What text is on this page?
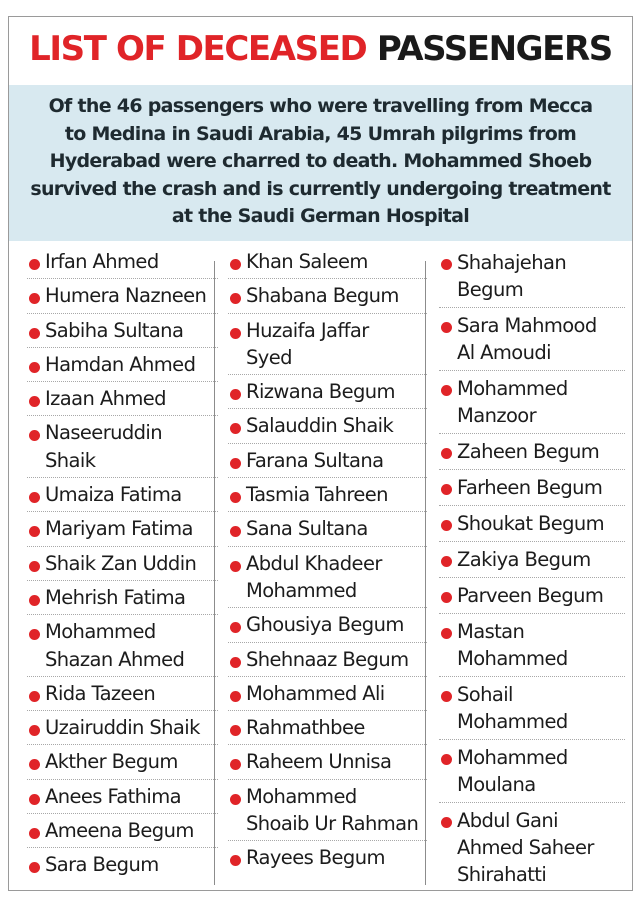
LIST OF DECEASED PASSENGERS
Of the 46 passengers who were travelling from Mecca
to Medina in Saudi Arabia, 45 Umrah pilgrims from
Hyderabad were charred to death. Mohammed Shoeb
survived the crash and is currently undergoing treatment
at the Saudi German Hospital
Irfan Ahmed
Humera Nazneen
Sabiha Sultana
Hamdan Ahmed
Izaan Ahmed
Naseeruddin
Shaik
Umaiza Fatima
Mariyam Fatima
Shaik Zan Uddin
Mehrish Fatima
Mohammed
Shazan Ahmed
Rida Tazeen
Uzairuddin Shaik
Akther Begum
Anees Fathima
Ameena Begum
Sara Begum
Khan Saleem
Shabana Begum
Huzaifa Jaffar
Syed
Rizwana Begum
Salauddin Shaik
Farana Sultana
Tasmia Tahreen
Sana Sultana
Abdul Khadeer
Mohammed
Ghousiya Begum
Shehnaaz Begum
Mohammed Ali
Rahmathbee
Raheem Unnisa
Mohammed
Shoaib Ur Rahman
Rayees Begum
Shahajehan
Begum
Sara Mahmood
Al Amoudi
Mohammed
Manzoor
Zaheen Begum
Farheen Begum
Shoukat Begum
Zakiya Begum
Parveen Begum
Mastan
Mohammed
Sohail
Mohammed
Mohammed
Moulana
Abdul Gani
Ahmed Saheer
Shirahatti
